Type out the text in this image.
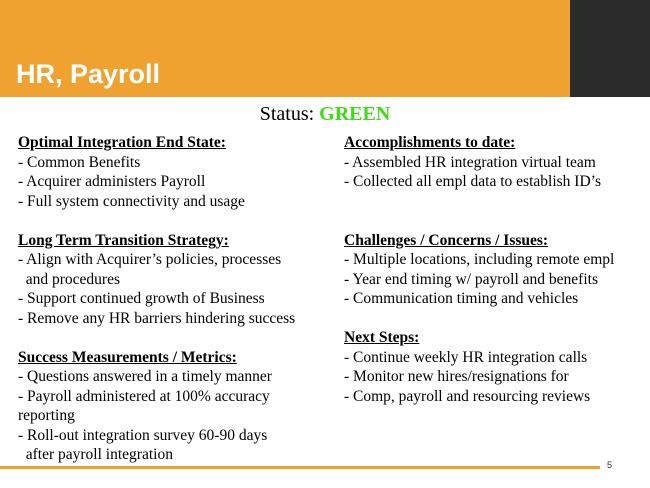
HR, Payroll
Status: GREEN

Optimal Integration End State:

- Common Benefits

- Acquirer administers Payroll

- Full system connectivity and usage

Long Term Transition Strategy:

- Align with Acquirer’s policies, processes

and procedures

- Support continued growth of Business

- Remove any HR barriers hindering success

Success Measurements / Metrics:

- Questions answered in a timely manner

- Payroll administered at 100% accuracy

reporting

- Roll-out integration survey 60-90 days

after payroll integration

Accomplishments to date:

- Assembled HR integration virtual team

- Collected all empl data to establish ID’s

Challenges / Concerns / Issues:

- Multiple locations, including remote empl

- Year end timing w/ payroll and benefits

- Communication timing and vehicles

Next Steps:

- Continue weekly HR integration calls

- Monitor new hires/resignations for

- Comp, payroll and resourcing reviews

5
